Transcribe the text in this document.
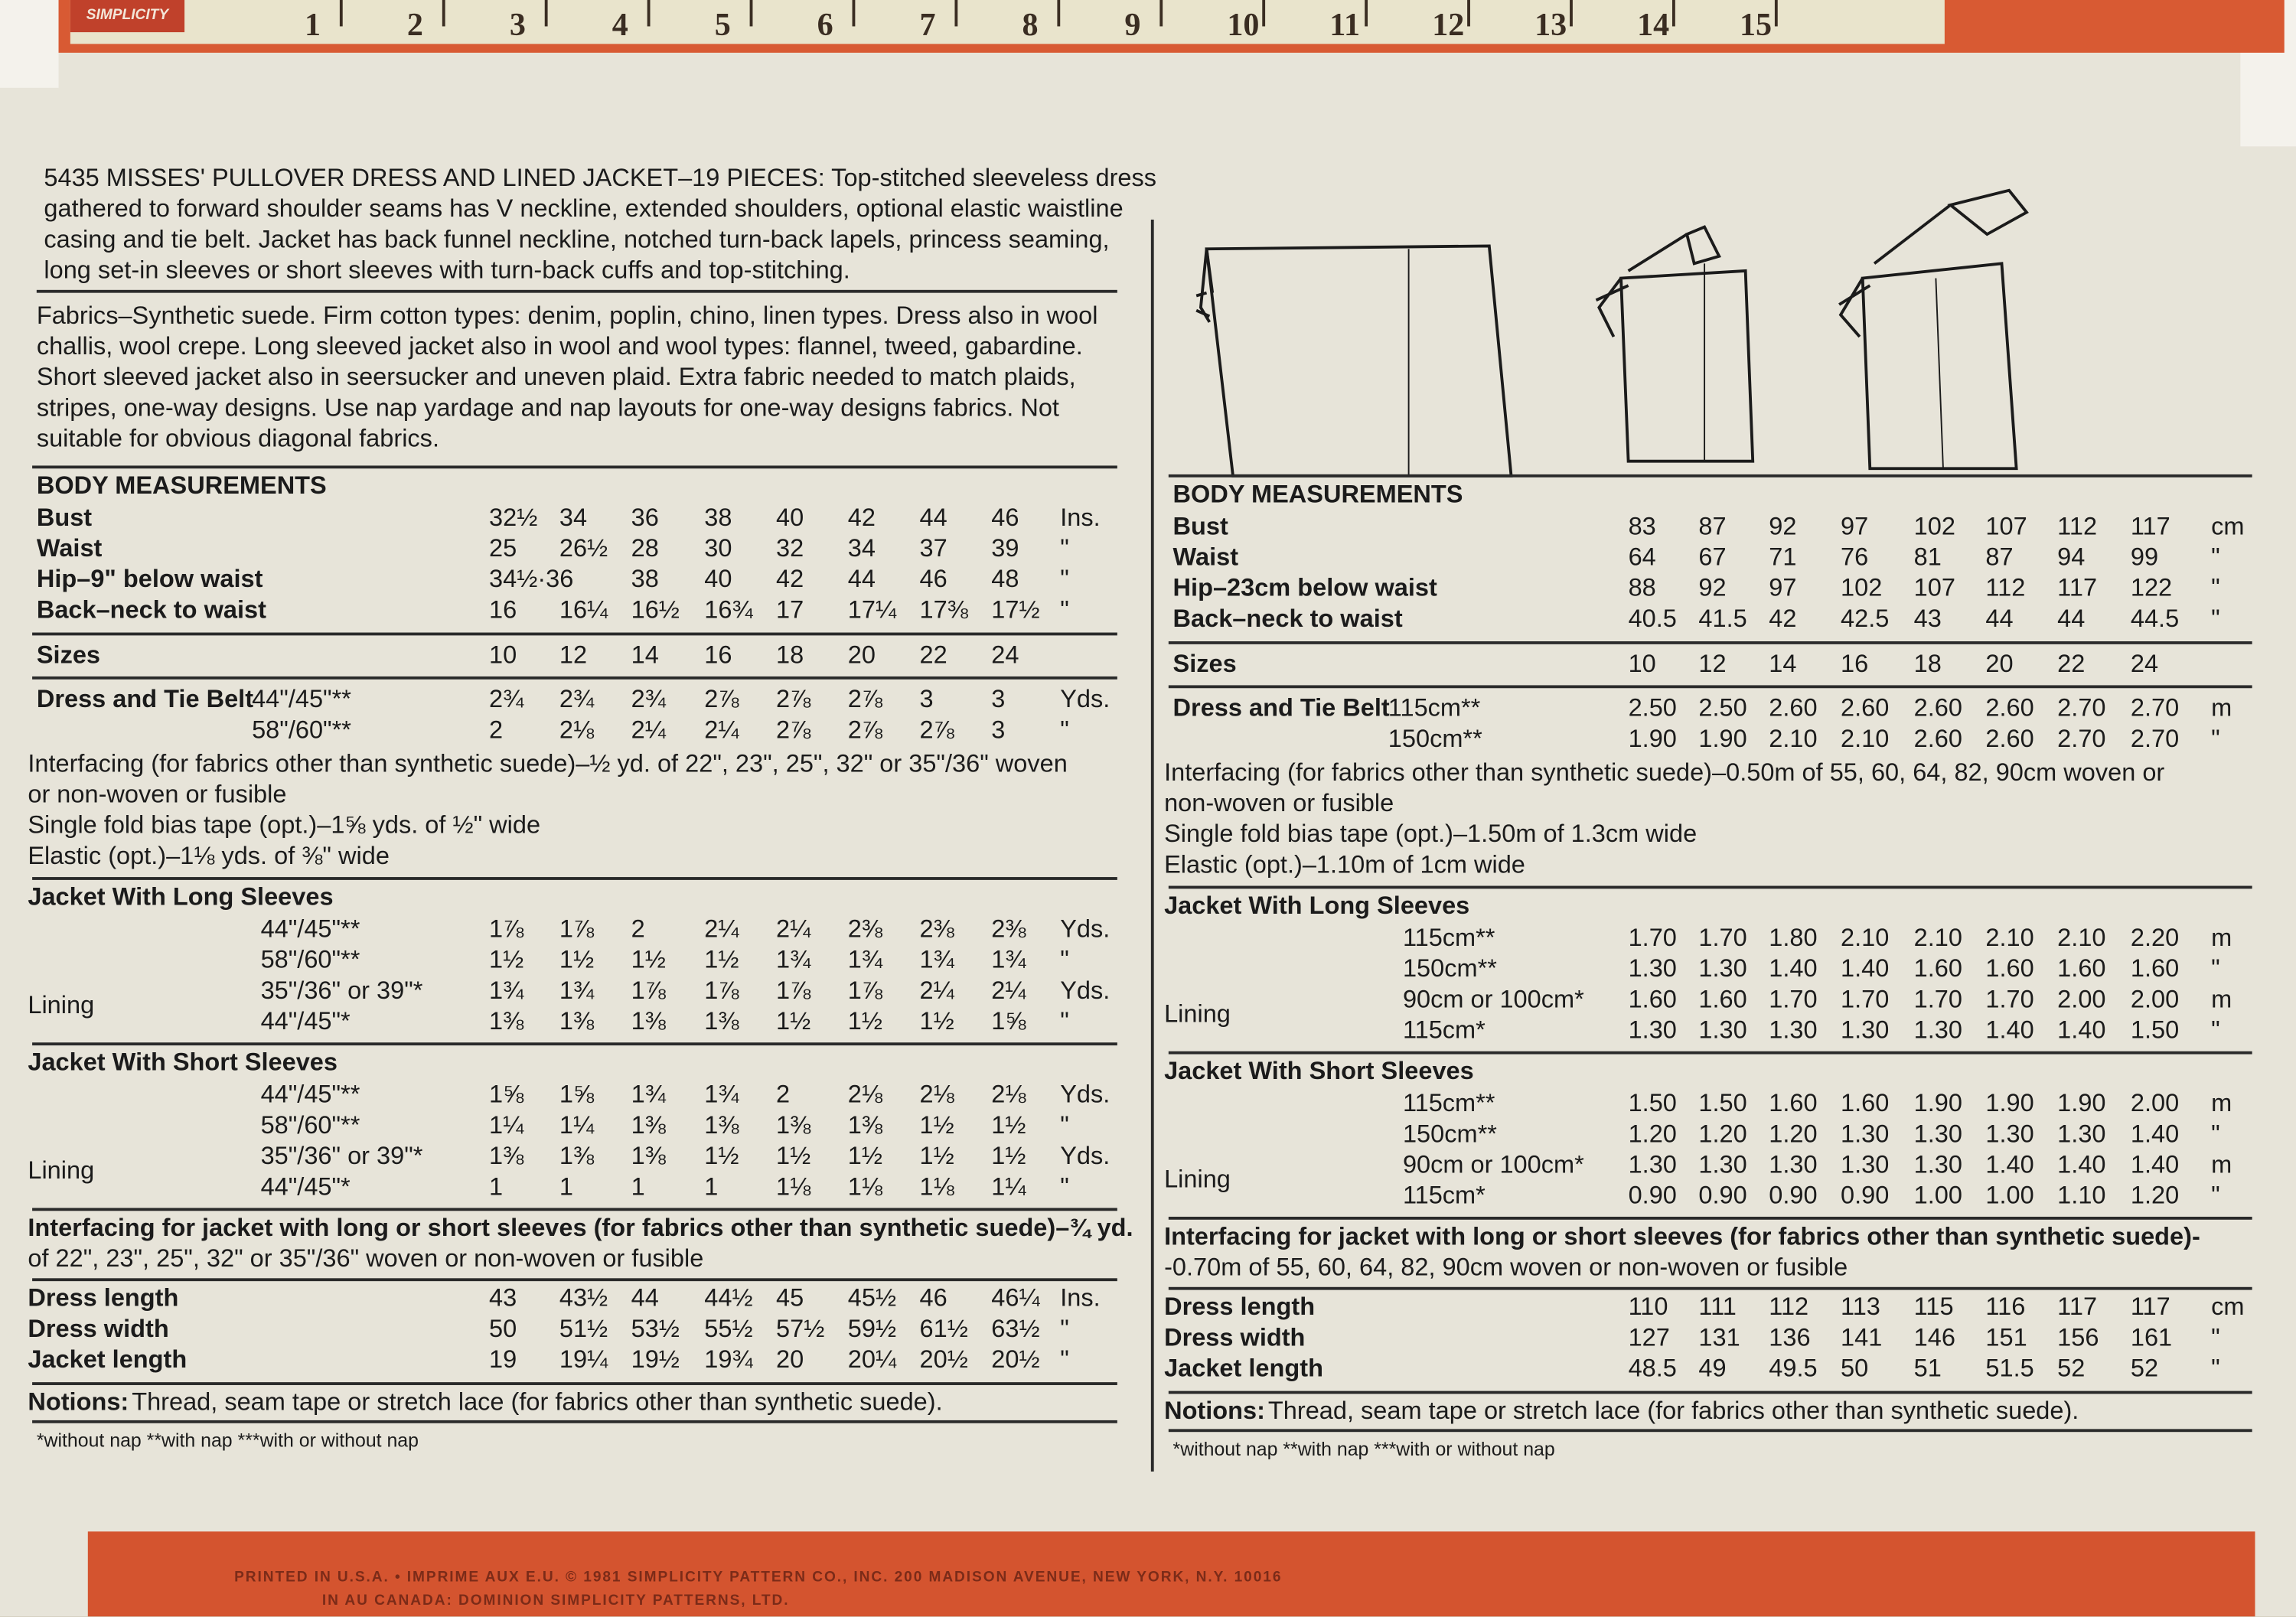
SIMPLICITY	1	2	3	4	5	6	7	8	9	10	11	12	13	14	15
5435 MISSES' PULLOVER DRESS AND LINED JACKET–19 PIECES: Top-stitched sleeveless dress
gathered to forward shoulder seams has V neckline, extended shoulders, optional elastic waistline
casing and tie belt. Jacket has back funnel neckline, notched turn-back lapels, princess seaming,
long set-in sleeves or short sleeves with turn-back cuffs and top-stitching.
Fabrics–Synthetic suede. Firm cotton types: denim, poplin, chino, linen types. Dress also in wool
challis, wool crepe. Long sleeved jacket also in wool and wool types: flannel, tweed, gabardine.
Short sleeved jacket also in seersucker and uneven plaid. Extra fabric needed to match plaids,
stripes, one-way designs. Use nap yardage and nap layouts for one-way designs fabrics. Not
suitable for obvious diagonal fabrics.
BODY MEASUREMENTS
Bust	32½ 34	36	38	40	42	44	46	Ins.
Waist	25	26½ 28	30	32	34	37	39	"
Hip–9" below waist	34½·36	38	40	42	44	46	48	"
Back–neck to waist	16	16¼ 16½ 16¾ 17	17¼ 17⅜ 17½ "
Sizes	10	12	14	16	18	20	22	24
Dress and Tie Belt
44"/45"**	2¾	2¾	2¾	2⅞	2⅞	2⅞	3	3	Yds.
58"/60"**	2	2⅛	2¼	2¼	2⅞	2⅞	2⅞	3	"
Interfacing (for fabrics other than synthetic suede)–½ yd. of 22", 23", 25", 32" or 35"/36" woven
or non-woven or fusible
Single fold bias tape (opt.)–1⅝ yds. of ½" wide
Elastic (opt.)–1⅛ yds. of ⅜" wide
Jacket With Long Sleeves
44"/45"**	1⅞	1⅞	2	2¼	2¼	2⅜	2⅜	2⅜	Yds.
58"/60"**	1½	1½	1½	1½	1¾	1¾	1¾	1¾	"
35"/36" or 39"*	1¾	1¾	1⅞	1⅞	1⅞	1⅞	2¼	2¼	Yds.
Lining
44"/45"*	1⅜	1⅜	1⅜	1⅜	1½	1½	1½	1⅝	"
Jacket With Short Sleeves
44"/45"**	1⅝	1⅝	1¾	1¾	2	2⅛	2⅛	2⅛	Yds.
58"/60"**	1¼	1¼	1⅜	1⅜	1⅜	1⅜	1½	1½	"
35"/36" or 39"*	1⅜	1⅜	1⅜	1½	1½	1½	1½	1½	Yds.
Lining
44"/45"*	1	1	1	1	1⅛	1⅛	1⅛	1¼	"
Interfacing for jacket with long or short sleeves (for fabrics other than synthetic suede)–¾ yd.
of 22", 23", 25", 32" or 35"/36" woven or non-woven or fusible
Dress length	43	43½ 44	44½ 45	45½ 46	46¼ Ins.
Dress width	50	51½ 53½ 55½ 57½ 59½ 61½ 63½ "
Jacket length	19	19¼ 19½ 19¾ 20	20¼ 20½ 20½ "
Notions: Thread, seam tape or stretch lace (for fabrics other than synthetic suede).
*without nap **with nap ***with or without nap
BODY MEASUREMENTS
Bust	83	87	92	97	102 107 112	117	cm
Waist	64	67	71	76	81	87	94	99	"
Hip–23cm below waist	88	92	97	102 107 112 117	122	"
Back–neck to waist	40.5 41.5 42	42.5 43	44	44	44.5 "
Sizes	10	12	14	16	18	20	22	24
Dress and Tie Belt
115cm**	2.50 2.50 2.60 2.60 2.60 2.60 2.70 2.70 m
150cm**	1.90 1.90 2.10 2.10 2.60 2.60 2.70 2.70 "
Interfacing (for fabrics other than synthetic suede)–0.50m of 55, 60, 64, 82, 90cm woven or
non-woven or fusible
Single fold bias tape (opt.)–1.50m of 1.3cm wide
Elastic (opt.)–1.10m of 1cm wide
Jacket With Long Sleeves
115cm**	1.70 1.70 1.80 2.10 2.10 2.10 2.10 2.20 m
150cm**	1.30 1.30 1.40 1.40 1.60 1.60 1.60 1.60 "
90cm or 100cm*	1.60 1.60 1.70 1.70 1.70 1.70 2.00 2.00 m
Lining
115cm*	1.30 1.30 1.30 1.30 1.30 1.40 1.40 1.50 "
Jacket With Short Sleeves
115cm**	1.50 1.50 1.60 1.60 1.90 1.90 1.90 2.00 m
150cm**	1.20 1.20 1.20 1.30 1.30 1.30 1.30 1.40 "
90cm or 100cm*	1.30 1.30 1.30 1.30 1.30 1.40 1.40 1.40 m
Lining
115cm*	0.90 0.90 0.90 0.90 1.00 1.00 1.10 1.20 "
Interfacing for jacket with long or short sleeves (for fabrics other than synthetic suede)-
-0.70m of 55, 60, 64, 82, 90cm woven or non-woven or fusible
Dress length	110 111 112 113	115 116 117	117	cm
Dress width	127 131 136 141 146 151 156 161	"
Jacket length	48.5 49	49.5 50	51	51.5 52	52	"
Notions: Thread, seam tape or stretch lace (for fabrics other than synthetic suede).
*without nap **with nap ***with or without nap
PRINTED IN U.S.A. • IMPRIME AUX E.U. © 1981 SIMPLICITY PATTERN CO., INC. 200 MADISON AVENUE, NEW YORK, N.Y. 10016
IN AU CANADA: DOMINION SIMPLICITY PATTERNS, LTD.
